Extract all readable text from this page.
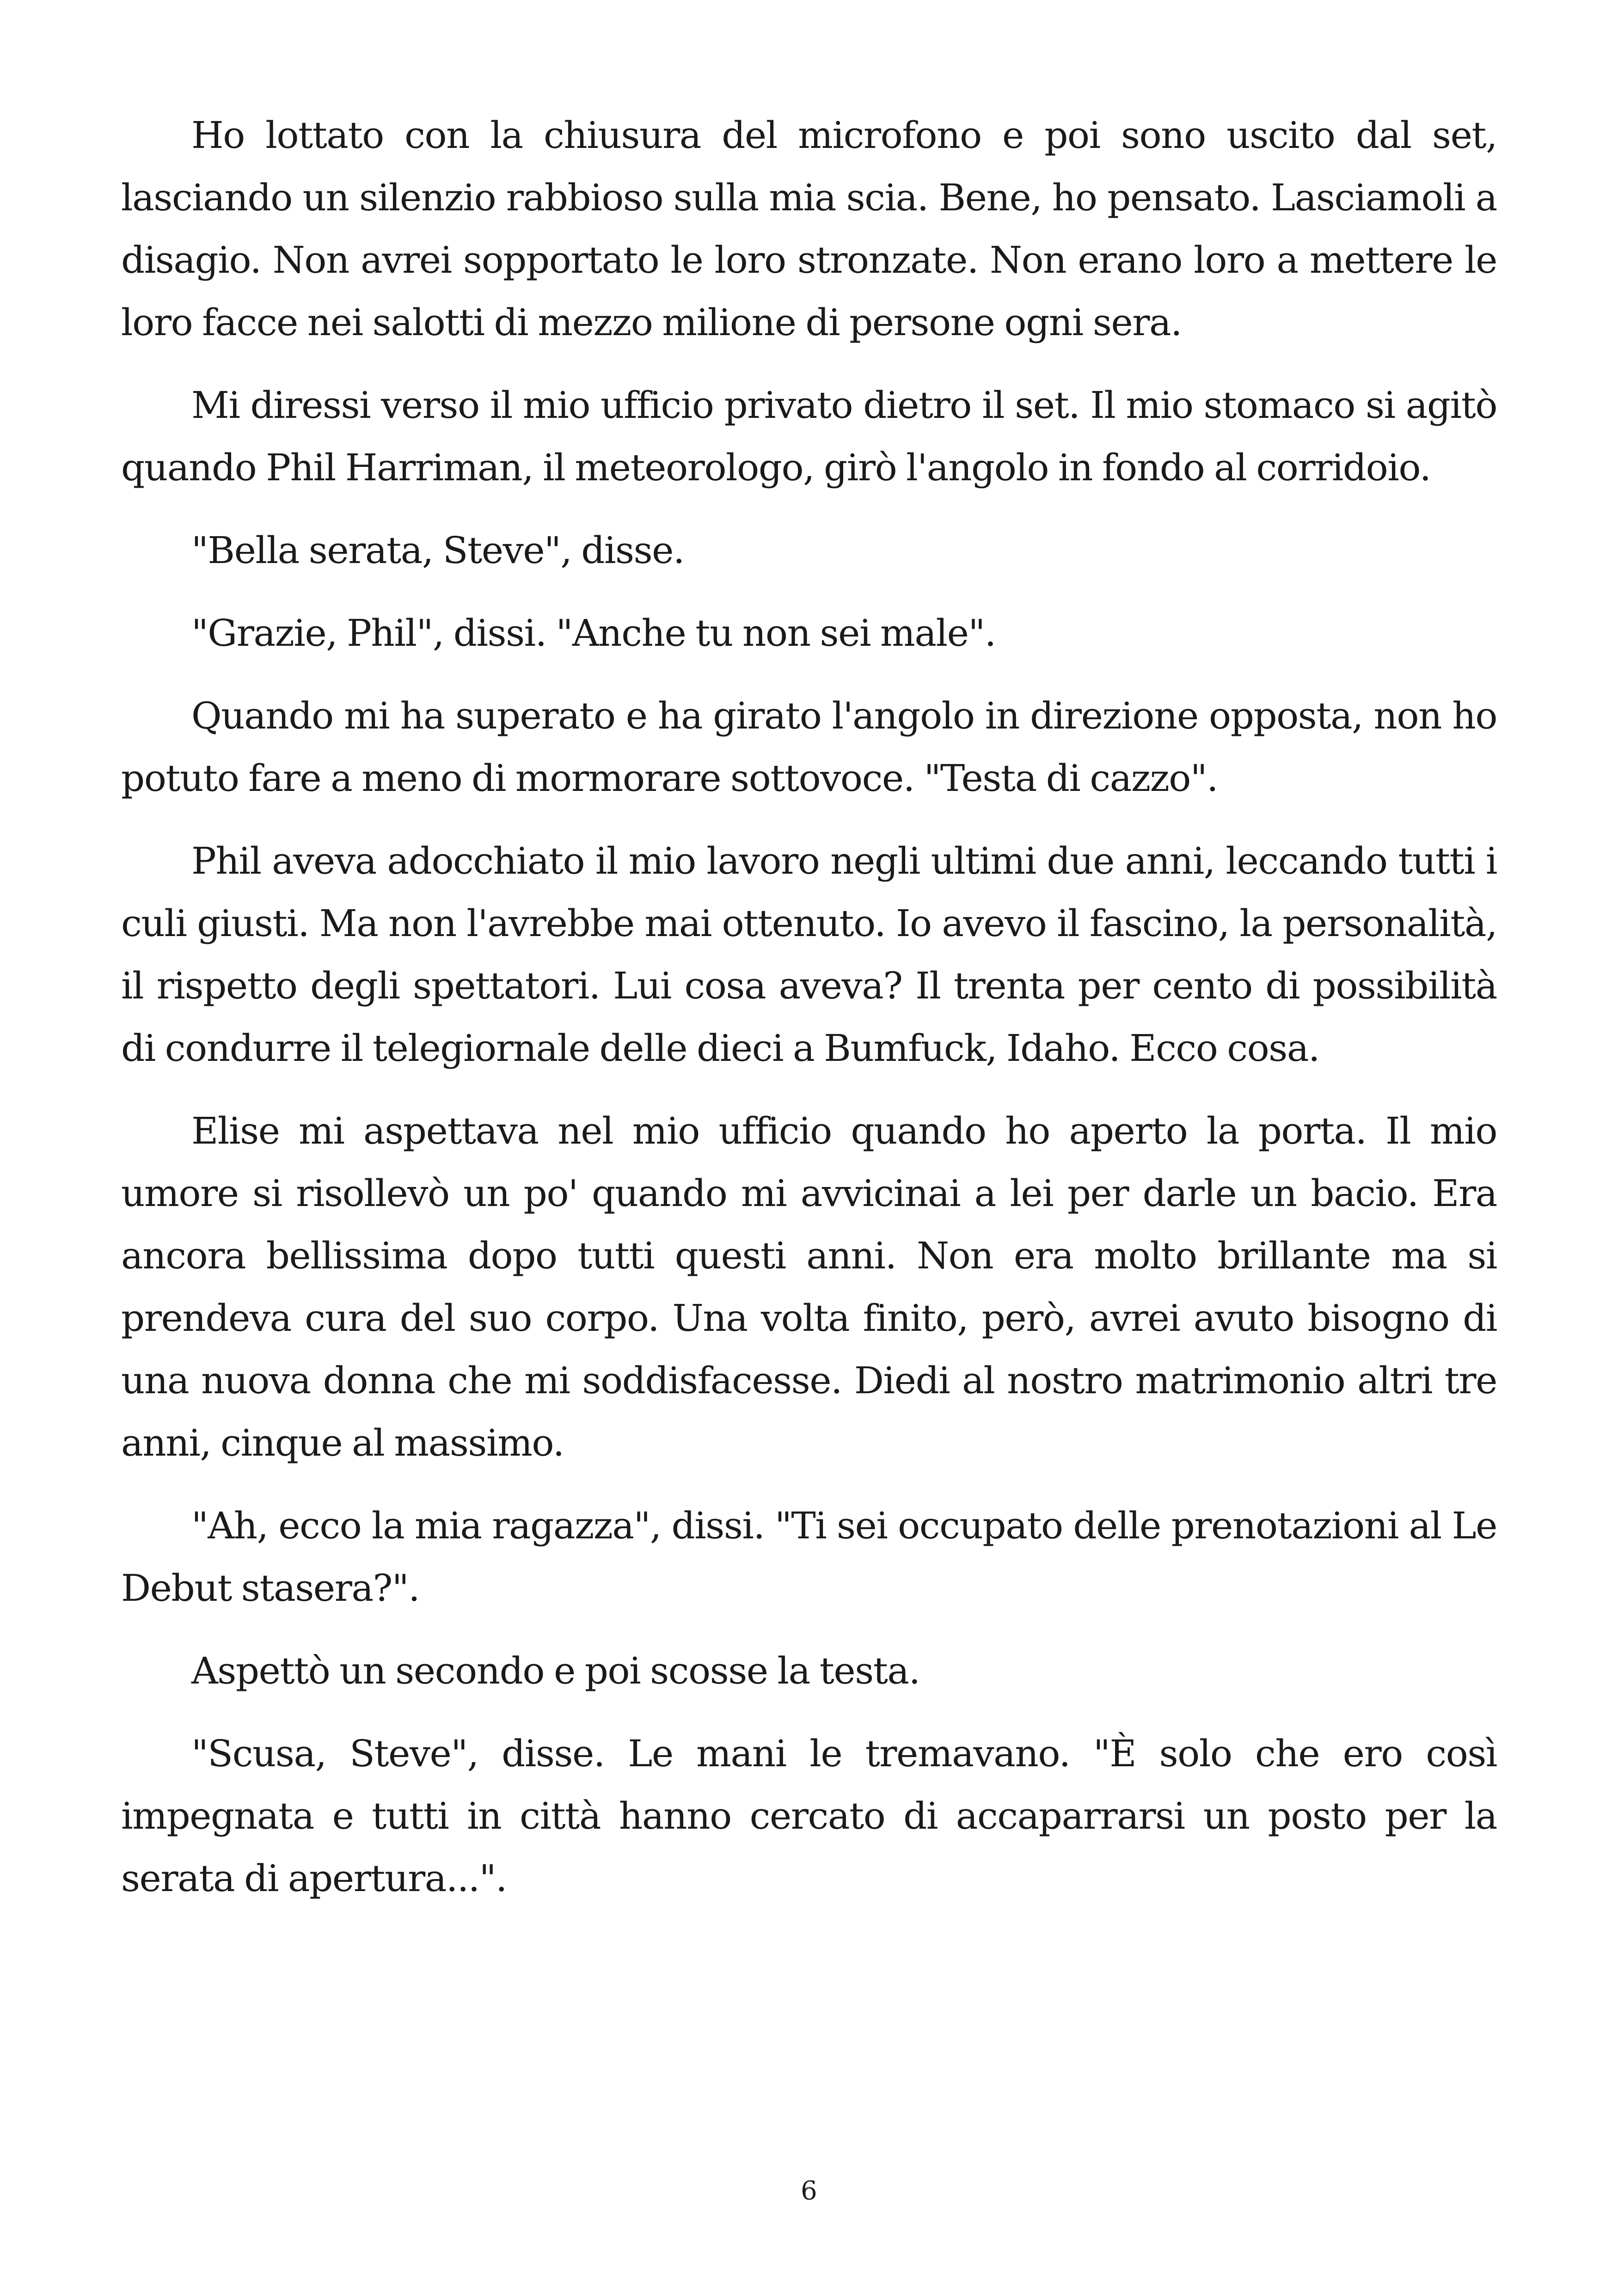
Ho lottato con la chiusura del microfono e poi sono uscito dal set, lasciando un silenzio rabbioso sulla mia scia. Bene, ho pensato. Lasciamoli a disagio. Non avrei sopportato le loro stronzate. Non erano loro a mettere le loro facce nei salotti di mezzo milione di persone ogni sera.

Mi diressi verso il mio ufficio privato dietro il set. Il mio stomaco si agitò quando Phil Harriman, il meteorologo, girò l'angolo in fondo al corridoio.

"Bella serata, Steve", disse.

"Grazie, Phil", dissi. "Anche tu non sei male".

Quando mi ha superato e ha girato l'angolo in direzione opposta, non ho potuto fare a meno di mormorare sottovoce. "Testa di cazzo".

Phil aveva adocchiato il mio lavoro negli ultimi due anni, leccando tutti i culi giusti. Ma non l'avrebbe mai ottenuto. Io avevo il fascino, la personalità, il rispetto degli spettatori. Lui cosa aveva? Il trenta per cento di possibilità di condurre il telegiornale delle dieci a Bumfuck, Idaho. Ecco cosa.

Elise mi aspettava nel mio ufficio quando ho aperto la porta. Il mio umore si risollevò un po' quando mi avvicinai a lei per darle un bacio. Era ancora bellissima dopo tutti questi anni. Non era molto brillante ma si prendeva cura del suo corpo. Una volta finito, però, avrei avuto bisogno di una nuova donna che mi soddisfacesse. Diedi al nostro matrimonio altri tre anni, cinque al massimo.

"Ah, ecco la mia ragazza", dissi. "Ti sei occupato delle prenotazioni al Le Debut stasera?".

Aspettò un secondo e poi scosse la testa.

"Scusa, Steve", disse. Le mani le tremavano. "È solo che ero così impegnata e tutti in città hanno cercato di accaparrarsi un posto per la serata di apertura...".

6
